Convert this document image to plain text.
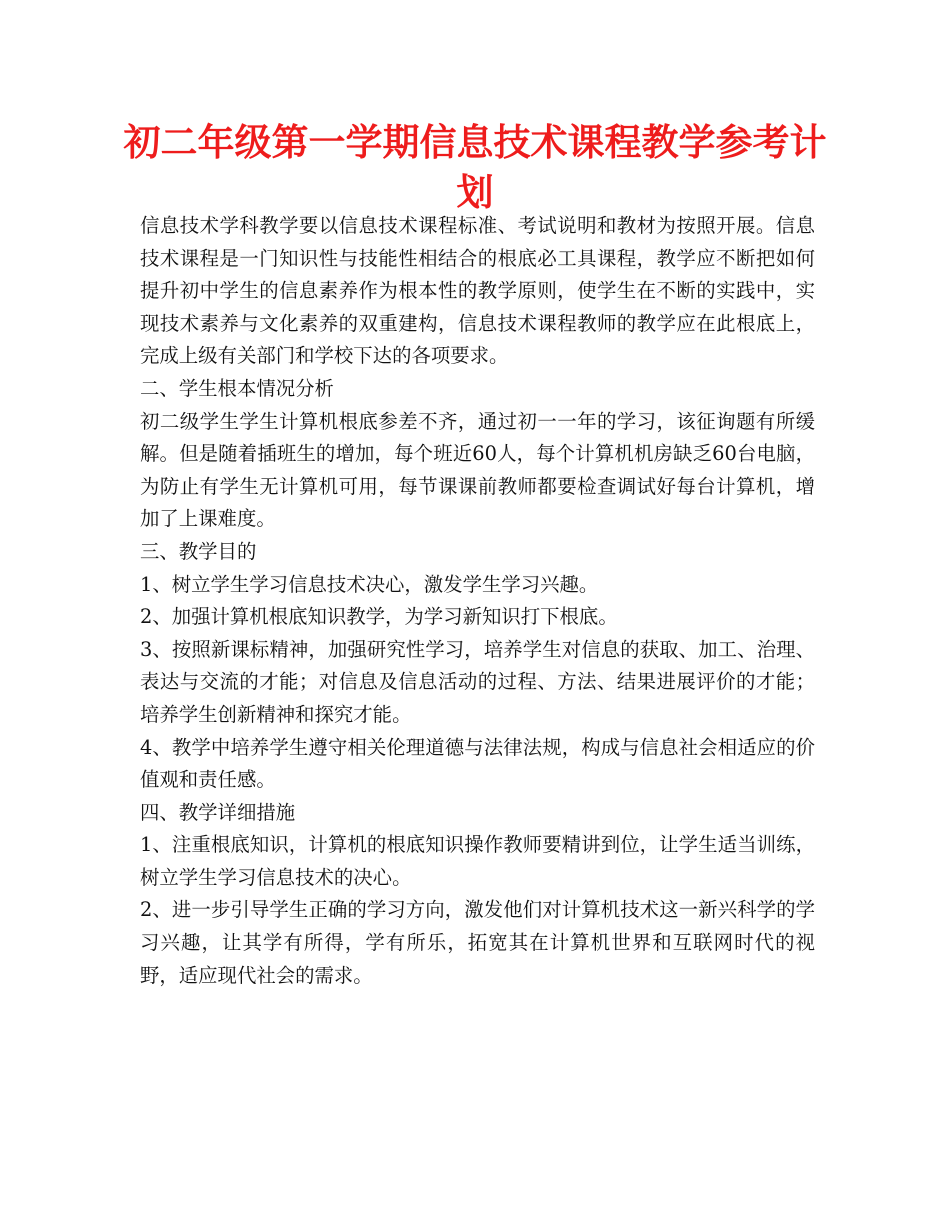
初二年级第一学期信息技术课程教学参考计划

信息技术学科教学要以信息技术课程标准、考试说明和教材为按照开展。信息技术课程是一门知识性与技能性相结合的根底必工具课程，教学应不断把如何提升初中学生的信息素养作为根本性的教学原则，使学生在不断的实践中，实现技术素养与文化素养的双重建构，信息技术课程教师的教学应在此根底上，完成上级有关部门和学校下达的各项要求。

二、学生根本情况分析

初二级学生学生计算机根底参差不齐，通过初一一年的学习，该征询题有所缓解。但是随着插班生的增加，每个班近60人，每个计算机机房缺乏60台电脑，为防止有学生无计算机可用，每节课课前教师都要检查调试好每台计算机，增加了上课难度。

三、教学目的

1、树立学生学习信息技术决心，激发学生学习兴趣。

2、加强计算机根底知识教学，为学习新知识打下根底。

3、按照新课标精神，加强研究性学习，培养学生对信息的获取、加工、治理、表达与交流的才能；对信息及信息活动的过程、方法、结果进展评价的才能；培养学生创新精神和探究才能。

4、教学中培养学生遵守相关伦理道德与法律法规，构成与信息社会相适应的价值观和责任感。

四、教学详细措施

1、注重根底知识，计算机的根底知识操作教师要精讲到位，让学生适当训练，树立学生学习信息技术的决心。

2、进一步引导学生正确的学习方向，激发他们对计算机技术这一新兴科学的学习兴趣，让其学有所得，学有所乐，拓宽其在计算机世界和互联网时代的视野，适应现代社会的需求。
